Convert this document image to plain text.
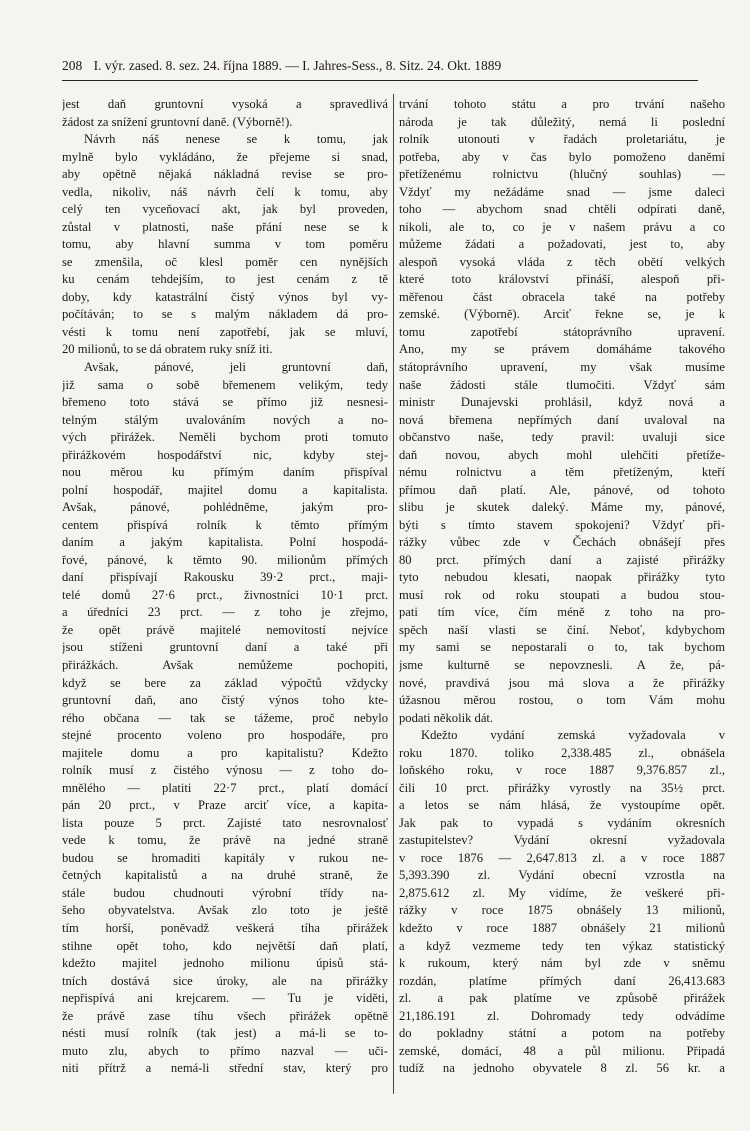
208 I. výr. zased. 8. sez. 24. října 1889. — I. Jahres-Sess., 8. Sitz. 24. Okt. 1889
jest daň gruntovní vysoká a spravedlivá
žádost za snížení gruntovní daně. (Výborně!).
Návrh náš nenese se k tomu, jak
mylně bylo vykládáno, že přejeme si snad,
aby opětně nějaká nákladná revise se pro-
vedla, nikoliv, náš návrh čelí k tomu, aby
celý ten vyceňovací akt, jak byl proveden,
zůstal v platnosti, naše přání nese se k
tomu, aby hlavní summa v tom poměru
se zmenšila, oč klesl poměr cen nynějších
ku cenám tehdejším, to jest cenám z tě
doby, kdy katastrální čistý výnos byl vy-
počítáván; to se s malým nákladem dá pro-
vésti k tomu není zapotřebí, jak se mluví,
20 milionů, to se dá obratem ruky sníž iti.
Avšak, pánové, jeli gruntovní daň,
již sama o sobě břemenem velikým, tedy
břemeno toto stává se přímo již nesnesi-
telným stálým uvalováním nových a no-
vých přirážek. Neměli bychom proti tomuto
přirážkovém hospodářství nic, kdyby stej-
nou měrou ku přímým daním přispíval
polní hospodář, majitel domu a kapitalista.
Avšak, pánové, pohlédněme, jakým pro-
centem přispívá rolník k těmto přímým
daním a jakým kapitalista. Polní hospodá-
řové, pánové, k těmto 90. milionům přímých
daní přispívají Rakousku 39·2 prct., maji-
telé domů 27·6 prct., živnostníci 10·1 prct.
a úředníci 23 prct. — z toho je zřejmo,
že opět právě majitelé nemovitostí nejvíce
jsou stíženi gruntovní daní a také při
přirážkách. Avšak nemůžeme pochopiti,
když se bere za základ výpočtů vždycky
gruntovní daň, ano čistý výnos toho kte-
rého občana — tak se tážeme, proč nebylo
stejné procento voleno pro hospodáře, pro
majitele domu a pro kapitalistu? Kdežto
rolník musí z čistého výnosu — z toho do-
mnělého — platiti 22·7 prct., platí domácí
pán 20 prct., v Praze arciť více, a kapita-
lista pouze 5 prct. Zajisté tato nesrovnalosť
vede k tomu, že právě na jedné straně
budou se hromaditi kapitály v rukou ne-
četných kapitalistů a na druhé straně, že
stále budou chudnouti výrobní třídy na-
šeho obyvatelstva. Avšak zlo toto je ještě
tím horší, poněvadž veškerá tíha přirážek
stihne opět toho, kdo největší daň platí,
kdežto majitel jednoho milionu úpisů stá-
tních dostává sice úroky, ale na přirážky
nepřispívá ani krejcarem. — Tu je viděti,
že právě zase tíhu všech přirážek opětně
nésti musí rolník (tak jest) a má-li se to-
muto zlu, abych to přímo nazval — uči-
niti přítrž a nemá-li střední stav, který pro
trvání tohoto státu a pro trvání našeho
národa je tak důležitý, nemá li poslední
rolník utonouti v řadách proletariátu, je
potřeba, aby v čas bylo pomoženo daněmi
přetíženému rolnictvu (hlučný souhlas) —
Vždyť my nežádáme snad — jsme daleci
toho — abychom snad chtěli odpírati daně,
nikoli, ale to, co je v našem právu a co
můžeme žádati a požadovati, jest to, aby
alespoň vysoká vláda z těch obětí velkých
které toto království přináší, alespoň při-
měřenou část obracela také na potřeby
zemské. (Výborně). Arciť řekne se, je k
tomu zapotřebí státoprávního upravení.
Ano, my se právem domáháme takového
státoprávního upravení, my však musíme
naše žádosti stále tlumočiti. Vždyť sám
ministr Dunajevski prohlásil, když nová a
nová břemena nepřímých daní uvaloval na
občanstvo naše, tedy pravil: uvaluji sice
daň novou, abych mohl ulehčiti přetíže-
nému rolnictvu a těm přetíženým, kteří
přímou daň platí. Ale, pánové, od tohoto
slibu je skutek daleký. Máme my, pánové,
býti s tímto stavem spokojeni? Vždyť při-
rážky vůbec zde v Čechách obnášejí přes
80 prct. přímých daní a zajisté přirážky
tyto nebudou klesati, naopak přirážky tyto
musí rok od roku stoupati a budou stou-
pati tím více, čím méně z toho na pro-
spěch naší vlasti se činí. Neboť, kdybychom
my sami se nepostarali o to, tak bychom
jsme kulturně se nepovznesli. A že, pá-
nové, pravdivá jsou má slova a že přirážky
úžasnou měrou rostou, o tom Vám mohu
podati několik dát.
Kdežto vydání zemská vyžadovala v
roku 1870. toliko 2,338.485 zl., obnášela
loňského roku, v roce 1887 9,376.857 zl.,
čili 10 prct. přirážky vyrostly na 35½ prct.
a letos se nám hlásá, že vystoupíme opět.
Jak pak to vypadá s vydáním okresních
zastupitelstev? Vydání okresní vyžadovala
v roce 1876 — 2,647.813 zl. a v roce 1887
5,393.390 zl. Vydání obecní vzrostla na
2,875.612 zl. My vidíme, že veškeré při-
rážky v roce 1875 obnášely 13 milionů,
kdežto v roce 1887 obnášely 21 milionů
a když vezmeme tedy ten výkaz statistický
k rukoum, který nám byl zde v sněmu
rozdán, platíme přímých daní 26,413.683
zl. a pak platíme ve způsobě přirážek
21,186.191 zl. Dohromady tedy odvádíme
do pokladny státní a potom na potřeby
zemské, domácí, 48 a půl milionu. Připadá
tudíž na jednoho obyvatele 8 zl. 56 kr. a
